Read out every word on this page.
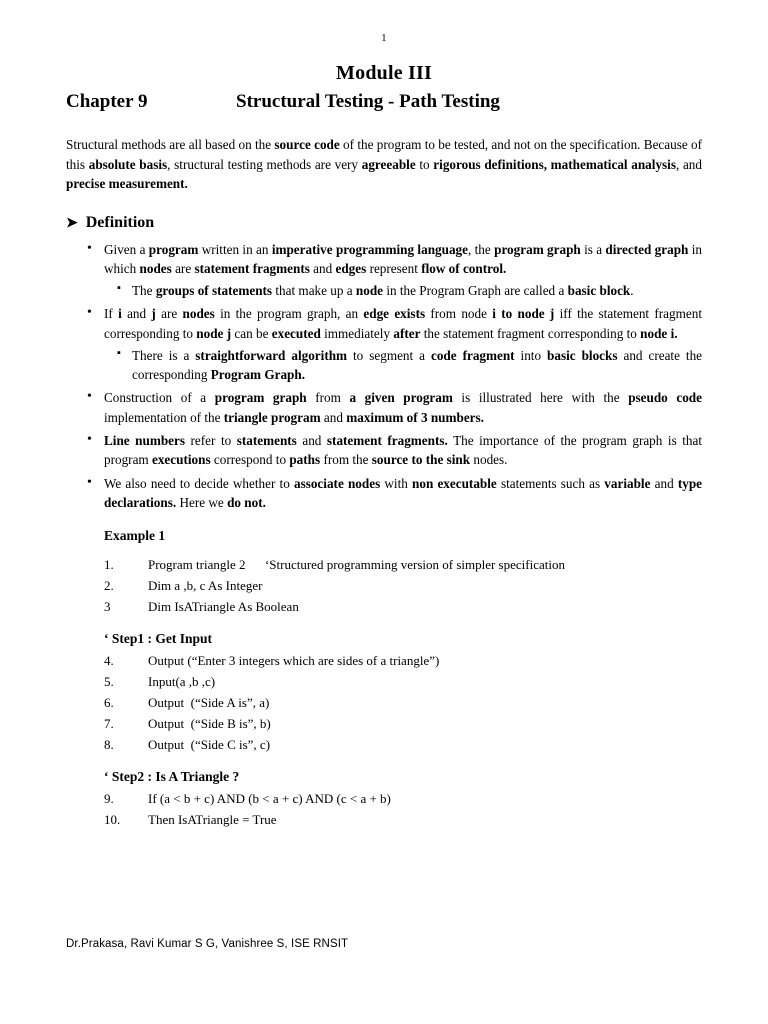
1
Module III
Chapter 9	Structural Testing - Path Testing

Structural methods are all based on the source code of the program to be tested, and not on the specification. Because of this absolute basis, structural testing methods are very agreeable to rigorous definitions, mathematical analysis, and precise measurement.

➤ Definition
• Given a program written in an imperative programming language, the program graph is a directed graph in which nodes are statement fragments and edges represent flow of control.
▪ The groups of statements that make up a node in the Program Graph are called a basic block.
• If i and j are nodes in the program graph, an edge exists from node i to node j iff the statement fragment corresponding to node j can be executed immediately after the statement fragment corresponding to node i.
▪ There is a straightforward algorithm to segment a code fragment into basic blocks and create the corresponding Program Graph.
• Construction of a program graph from a given program is illustrated here with the pseudo code implementation of the triangle program and maximum of 3 numbers.
• Line numbers refer to statements and statement fragments. The importance of the program graph is that program executions correspond to paths from the source to the sink nodes.
• We also need to decide whether to associate nodes with non executable statements such as variable and type declarations. Here we do not.
Example 1
1.	Program triangle 2      ‘Structured programming version of simpler specification
2.	Dim a ,b, c As Integer
3	Dim IsATriangle As Boolean
‘ Step1 : Get Input
4.	Output (“Enter 3 integers which are sides of a triangle”)
5.	Input(a ,b ,c)
6.	Output  (“Side A is”, a)
7.	Output  (“Side B is”, b)
8.	Output  (“Side C is”, c)
‘ Step2 : Is A Triangle ?
9.	If (a < b + c) AND (b < a + c) AND (c < a + b)
10.	Then IsATriangle = True
Dr.Prakasa, Ravi Kumar S G, Vanishree S, ISE RNSIT
